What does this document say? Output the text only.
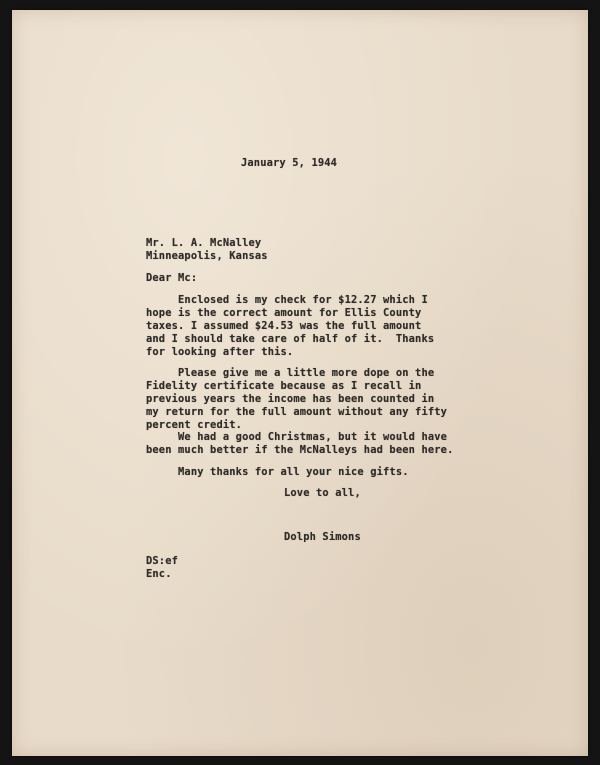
January 5, 1944

Mr. L. A. McNalley

Minneapolis, Kansas

Dear Mc:

Enclosed is my check for $12.27 which I

hope is the correct amount for Ellis County

taxes. I assumed $24.53 was the full amount

and I should take care of half of it.  Thanks

for looking after this.

Please give me a little more dope on the

Fidelity certificate because as I recall in

previous years the income has been counted in

my return for the full amount without any fifty

percent credit.

We had a good Christmas, but it would have

been much better if the McNalleys had been here.

Many thanks for all your nice gifts.

Love to all,

Dolph Simons

DS:ef

Enc.
